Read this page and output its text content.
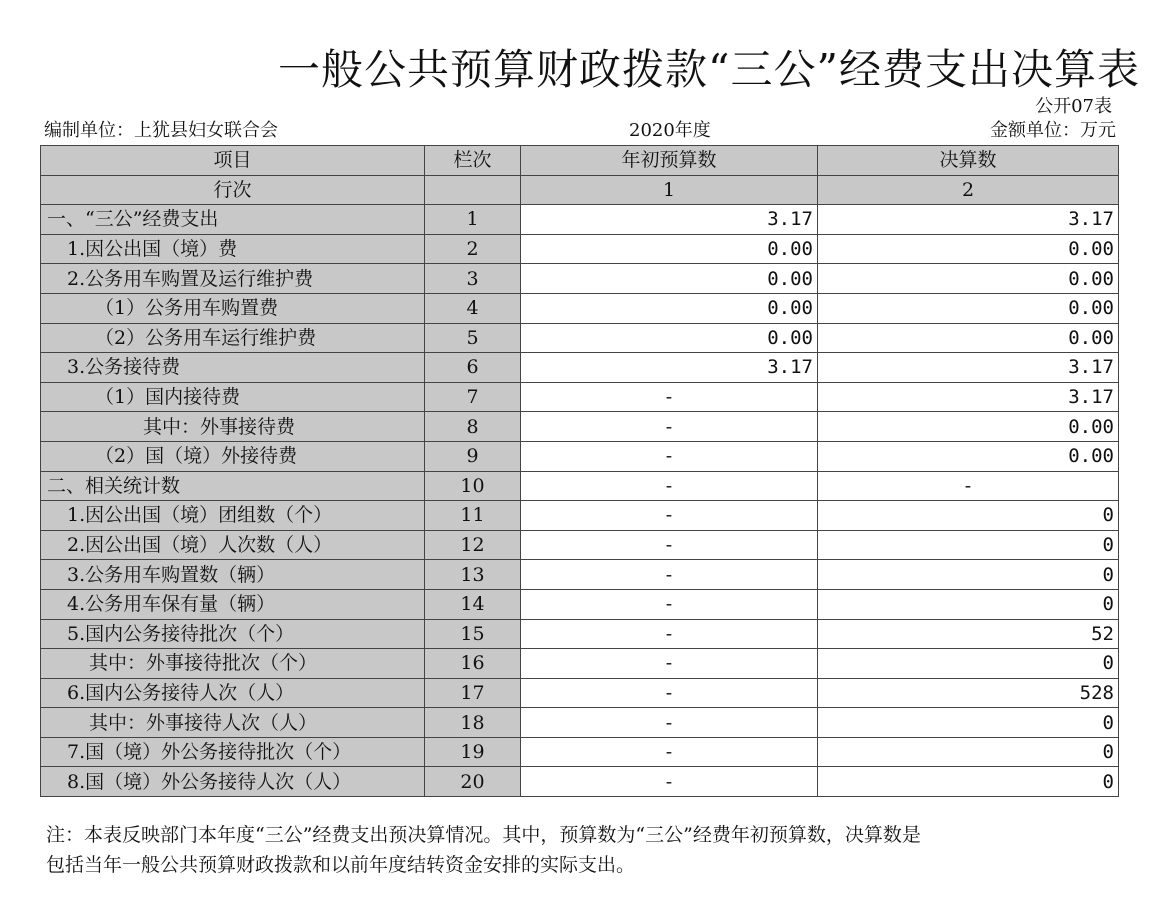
一般公共预算财政拨款“三公”经费支出决算表
公开07表
编制单位：上犹县妇女联合会	2020年度	金额单位：万元
项目	栏次	年初预算数	决算数
行次		1	2
一、“三公”经费支出	1	3.17	3.17
1.因公出国（境）费	2	0.00	0.00
2.公务用车购置及运行维护费	3	0.00	0.00
（1）公务用车购置费	4	0.00	0.00
（2）公务用车运行维护费	5	0.00	0.00
3.公务接待费	6	3.17	3.17
（1）国内接待费	7	-	3.17
其中：外事接待费	8	-	0.00
（2）国（境）外接待费	9	-	0.00
二、相关统计数	10	-	-
1.因公出国（境）团组数（个）	11	-	0
2.因公出国（境）人次数（人）	12	-	0
3.公务用车购置数（辆）	13	-	0
4.公务用车保有量（辆）	14	-	0
5.国内公务接待批次（个）	15	-	52
其中：外事接待批次（个）	16	-	0
6.国内公务接待人次（人）	17	-	528
其中：外事接待人次（人）	18	-	0
7.国（境）外公务接待批次（个）	19	-	0
8.国（境）外公务接待人次（人）	20	-	0
注：本表反映部门本年度“三公”经费支出预决算情况。其中，预算数为“三公”经费年初预算数，决算数是
包括当年一般公共预算财政拨款和以前年度结转资金安排的实际支出。
